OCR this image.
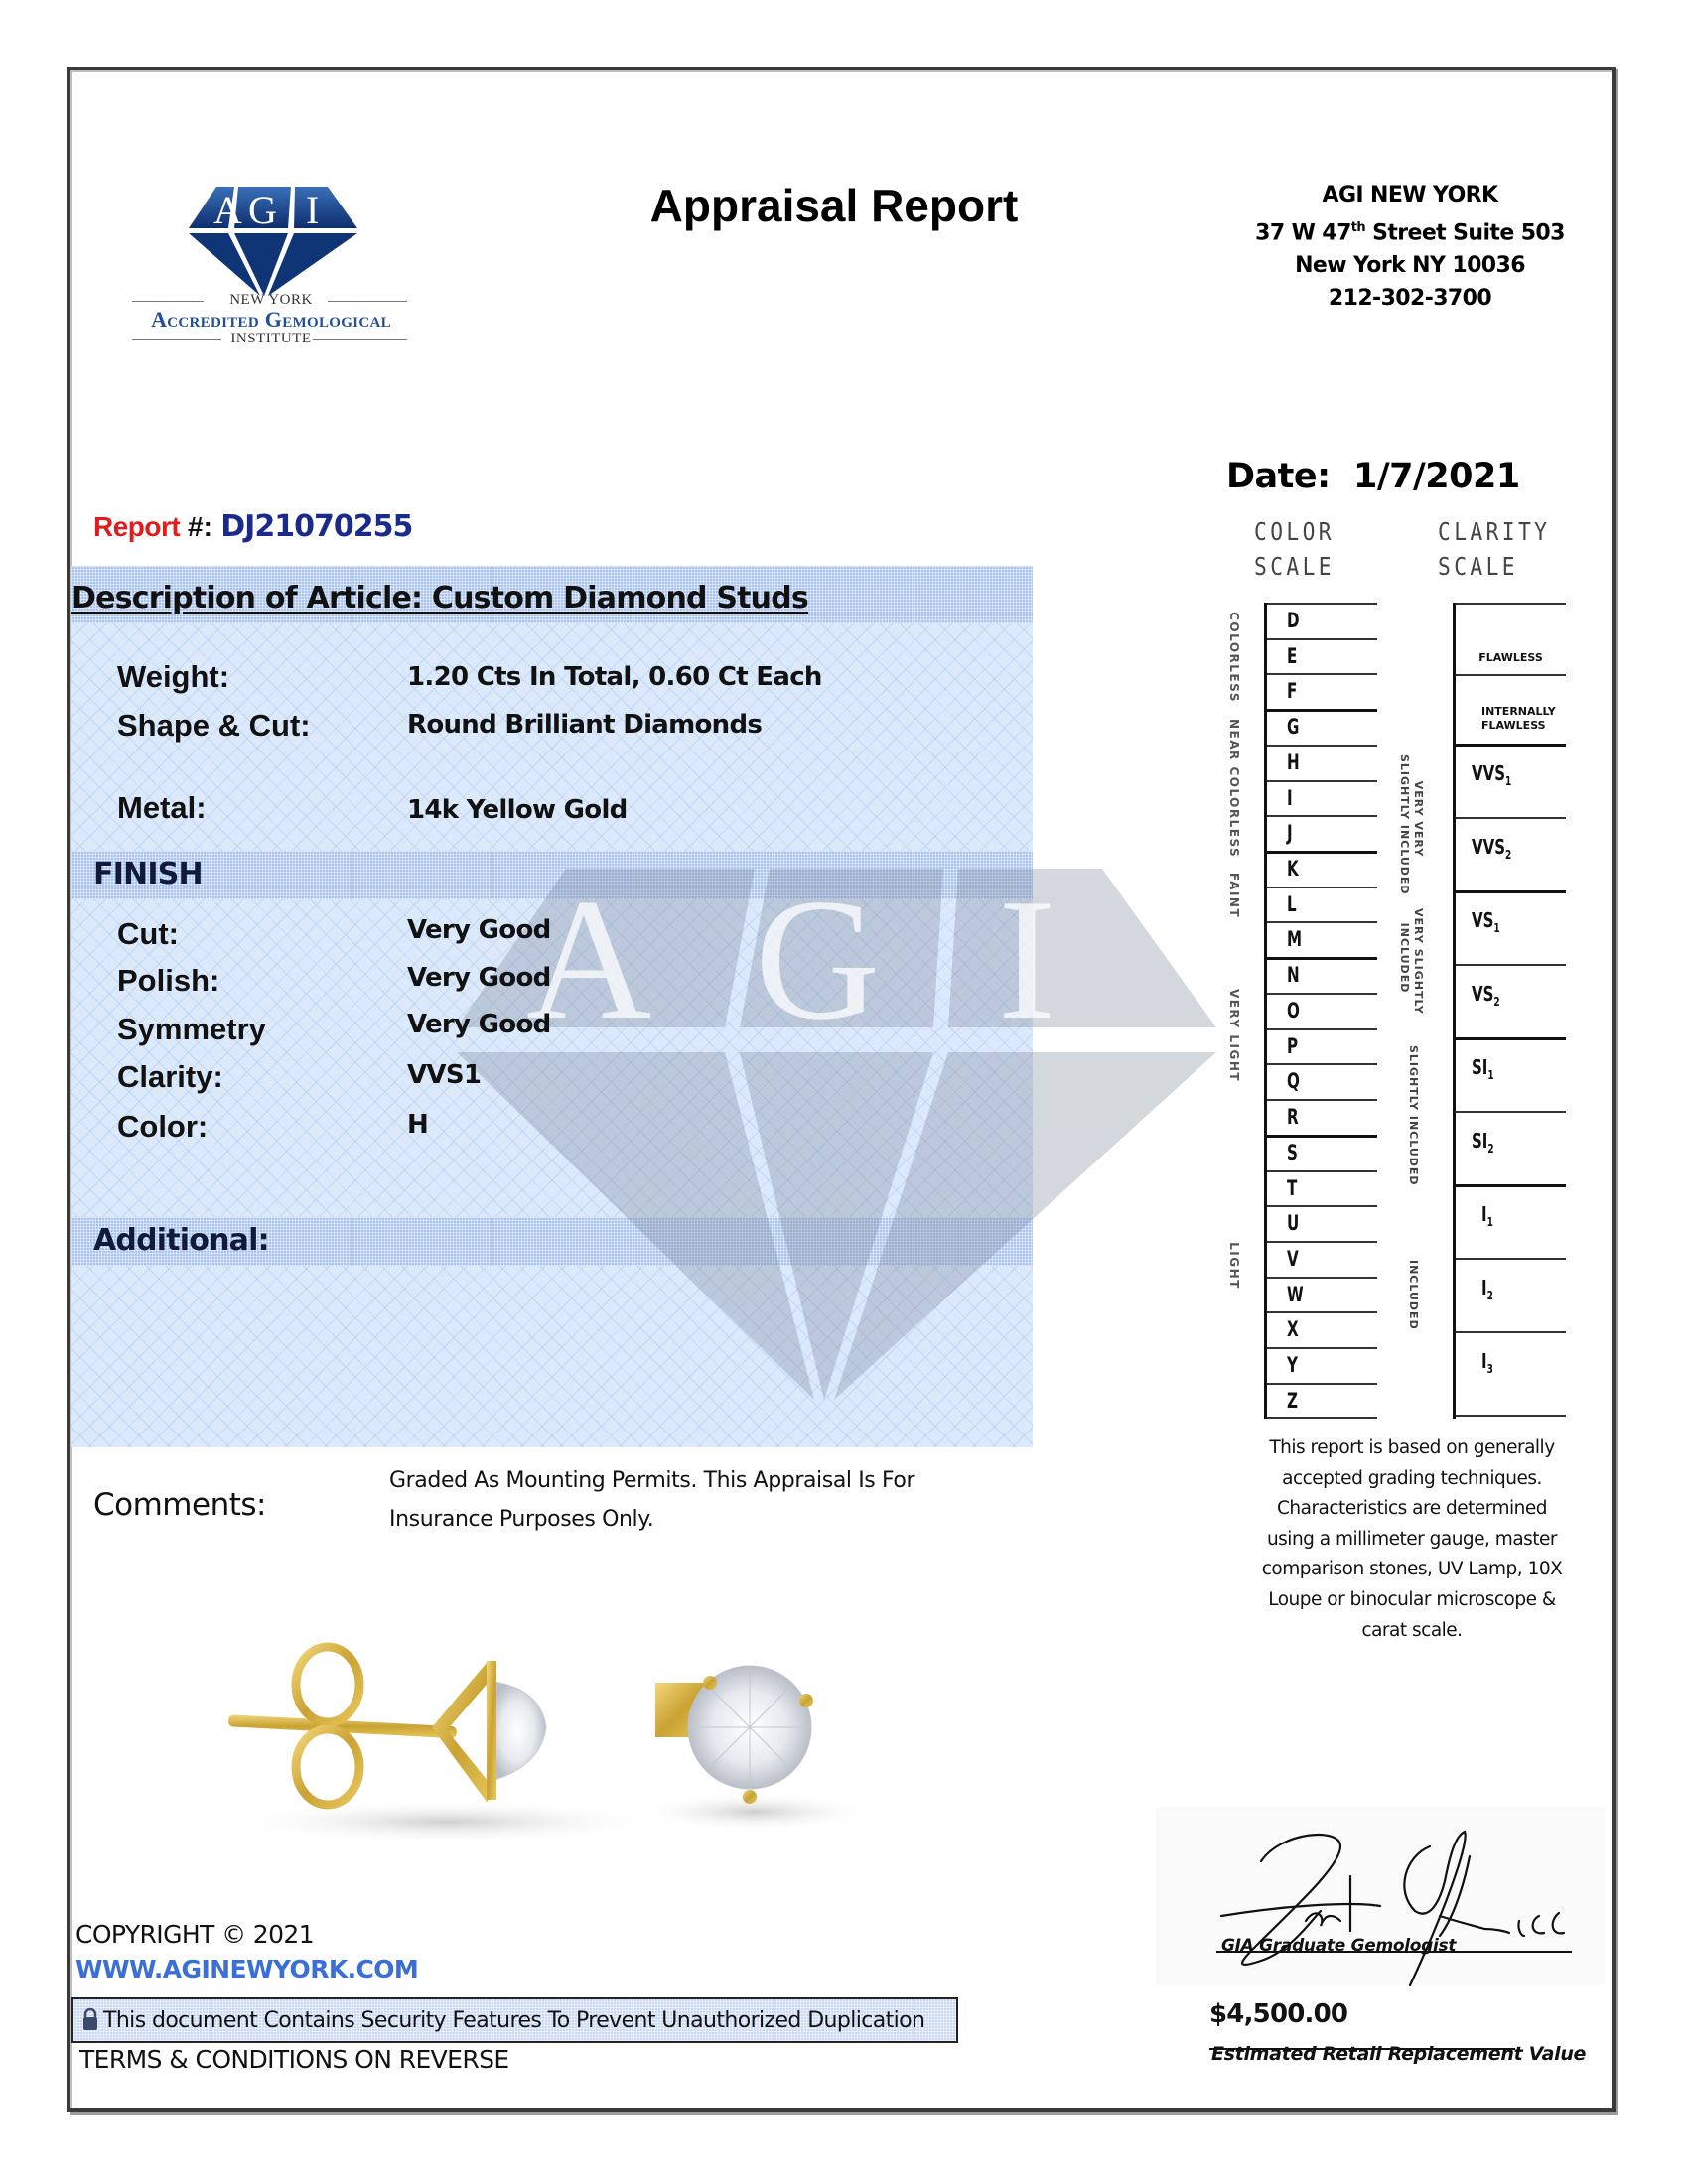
A G I
NEW YORK
Accredited Gemological
INSTITUTE
Appraisal Report	AGI NEW YORK
37 W 47th Street Suite 503
New York NY 10036
212-302-3700
Date: 1/7/2021
Report #: DJ21070255
A G I
Description of Article: Custom Diamond Studs
Weight:	1.20 Cts In Total, 0.60 Ct Each
Shape & Cut:	Round Brilliant Diamonds
Metal:	14k Yellow Gold
FINISH
Cut:	Very Good
Polish:	Very Good
Symmetry	Very Good
Clarity:	VVS1
Color:	H
Additional:
Comments:
Graded As Mounting Permits. This Appraisal Is For
Insurance Purposes Only.
COLOR
SCALE
CLARITY
SCALE
D
E
F
G
H
I
J
K
L
M
N
O
P
Q
R
S
T
U
V
W
X
Y
Z
COLORLESS
NEAR COLORLESS
FAINT
VERY LIGHT
LIGHT
VERY VERY
SLIGHTLY INCLUDED
VERY SLIGHTLY
INCLUDED
SLIGHTLY INCLUDED
INCLUDED
FLAWLESS
INTERNALLY FLAWLESS
$VVS_1$
$VVS_2$
$VS_1$
$VS_2$
$SI_1$
$SI_2$
$I_1$
$I_2$
$I_3$
This report is based on generally
accepted grading techniques.
Characteristics are determined
using a millimeter gauge, master
comparison stones, UV Lamp, 10X
Loupe or binocular microscope &
carat scale.
COPYRIGHT © 2021
WWW.AGINEWYORK.COM
This document Contains Security Features To Prevent Unauthorized Duplication
TERMS & CONDITIONS ON REVERSE
GIA Graduate Gemologist
$4,500.00
Estimated Retail Replacement Value
